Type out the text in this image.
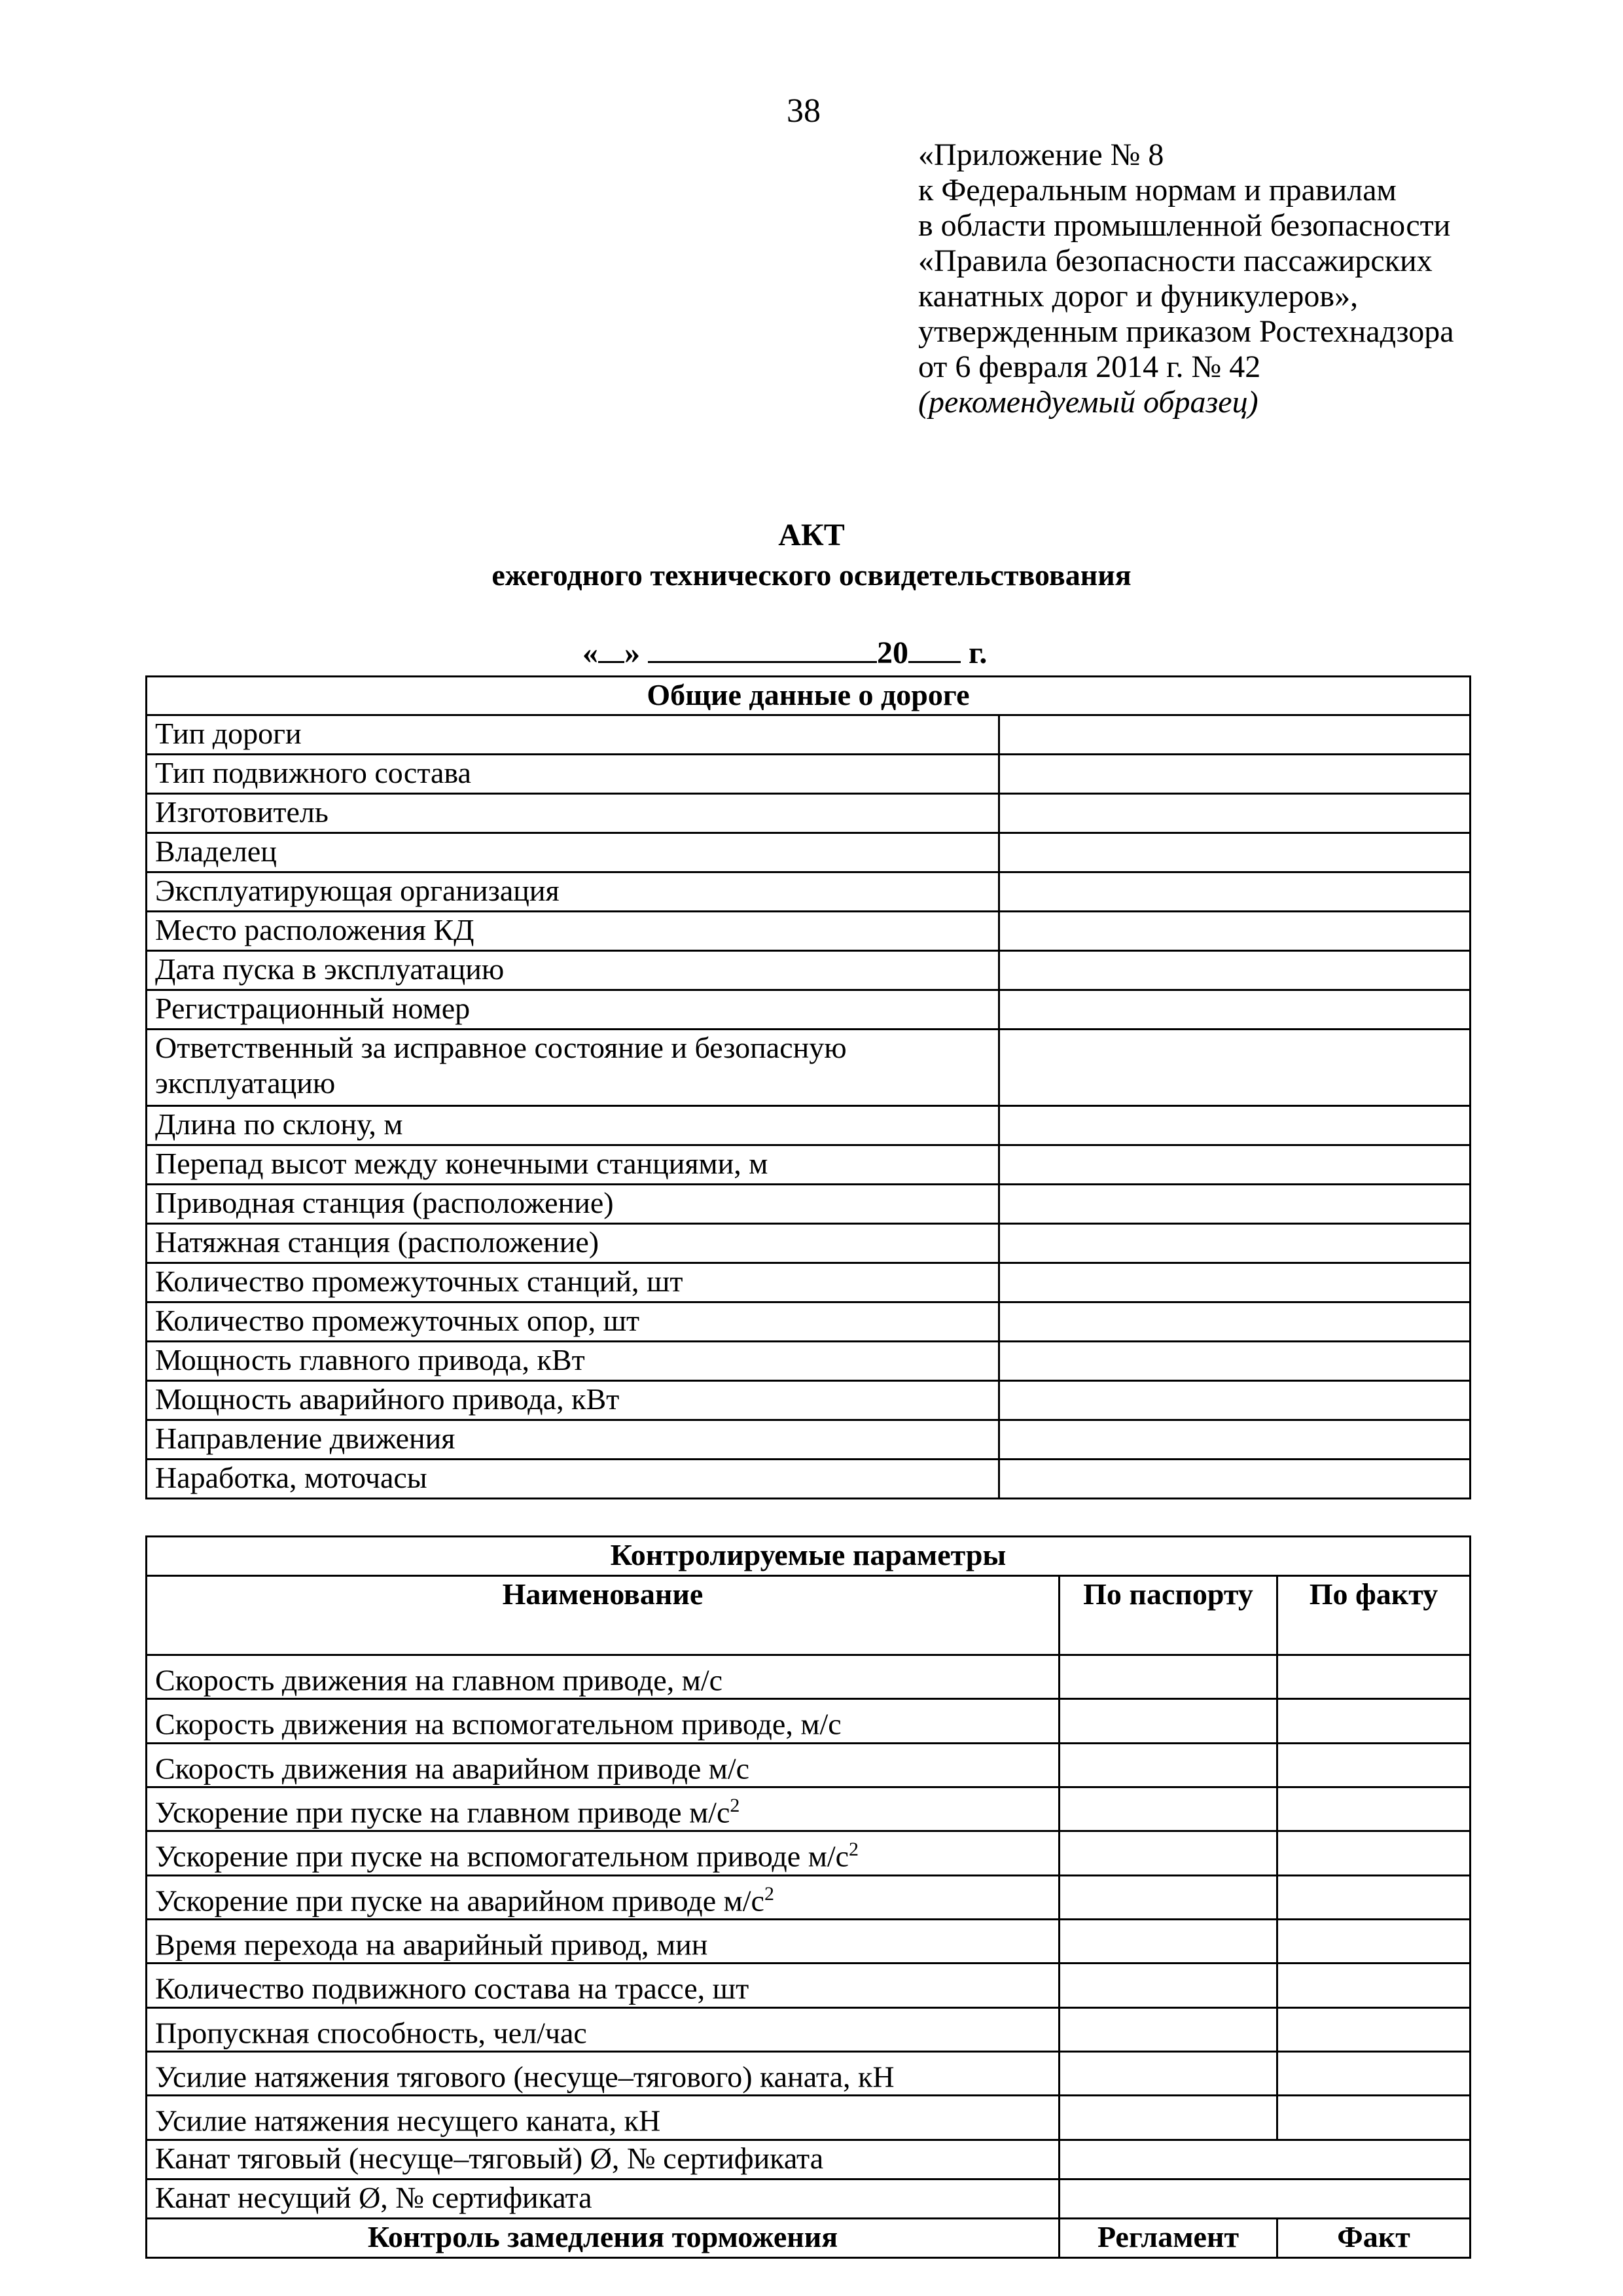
38
«Приложение № 8
к Федеральным нормам и правилам
в области промышленной безопасности
«Правила безопасности пассажирских
канатных дорог и фуникулеров»,
утвержденным приказом Ростехнадзора
от 6 февраля 2014 г. № 42
(рекомендуемый образец)
АКТ
ежегодного технического освидетельствования
« »	20 г.
Общие данные о дороге	
Тип дороги	
Тип подвижного состава	
Изготовитель	
Владелец	
Эксплуатирующая организация	
Место расположения КД	
Дата пуска в эксплуатацию	
Регистрационный номер	
Ответственный за исправное состояние и безопасную эксплуатацию	
Длина по склону, м	
Перепад высот между конечными станциями, м	
Приводная станция (расположение)	
Натяжная станция (расположение)	
Количество промежуточных станций, шт	
Количество промежуточных опор, шт	
Мощность главного привода, кВт	
Мощность аварийного привода, кВт	
Направление движения	
Наработка, моточасы	
Контролируемые параметры		
Наименование	По паспорту	По факту
Скорость движения на главном приводе, м/с		
Скорость движения на вспомогательном приводе, м/с		
Скорость движения на аварийном приводе м/с		
Ускорение при пуске на главном приводе $м/с^2$		
Ускорение при пуске на вспомогательном приводе $м/с^2$		
Ускорение при пуске на аварийном приводе $м/с^2$		
Время перехода на аварийный привод, мин		
Количество подвижного состава на трассе, шт		
Пропускная способность, чел/час		
Усилие натяжения тягового (несуще–тягового) каната, кН		
Усилие натяжения несущего каната, кН		
Канат тяговый (несуще–тяговый) Ø, № сертификата		
Канат несущий Ø, № сертификата		
Контроль замедления торможения	Регламент	Факт
